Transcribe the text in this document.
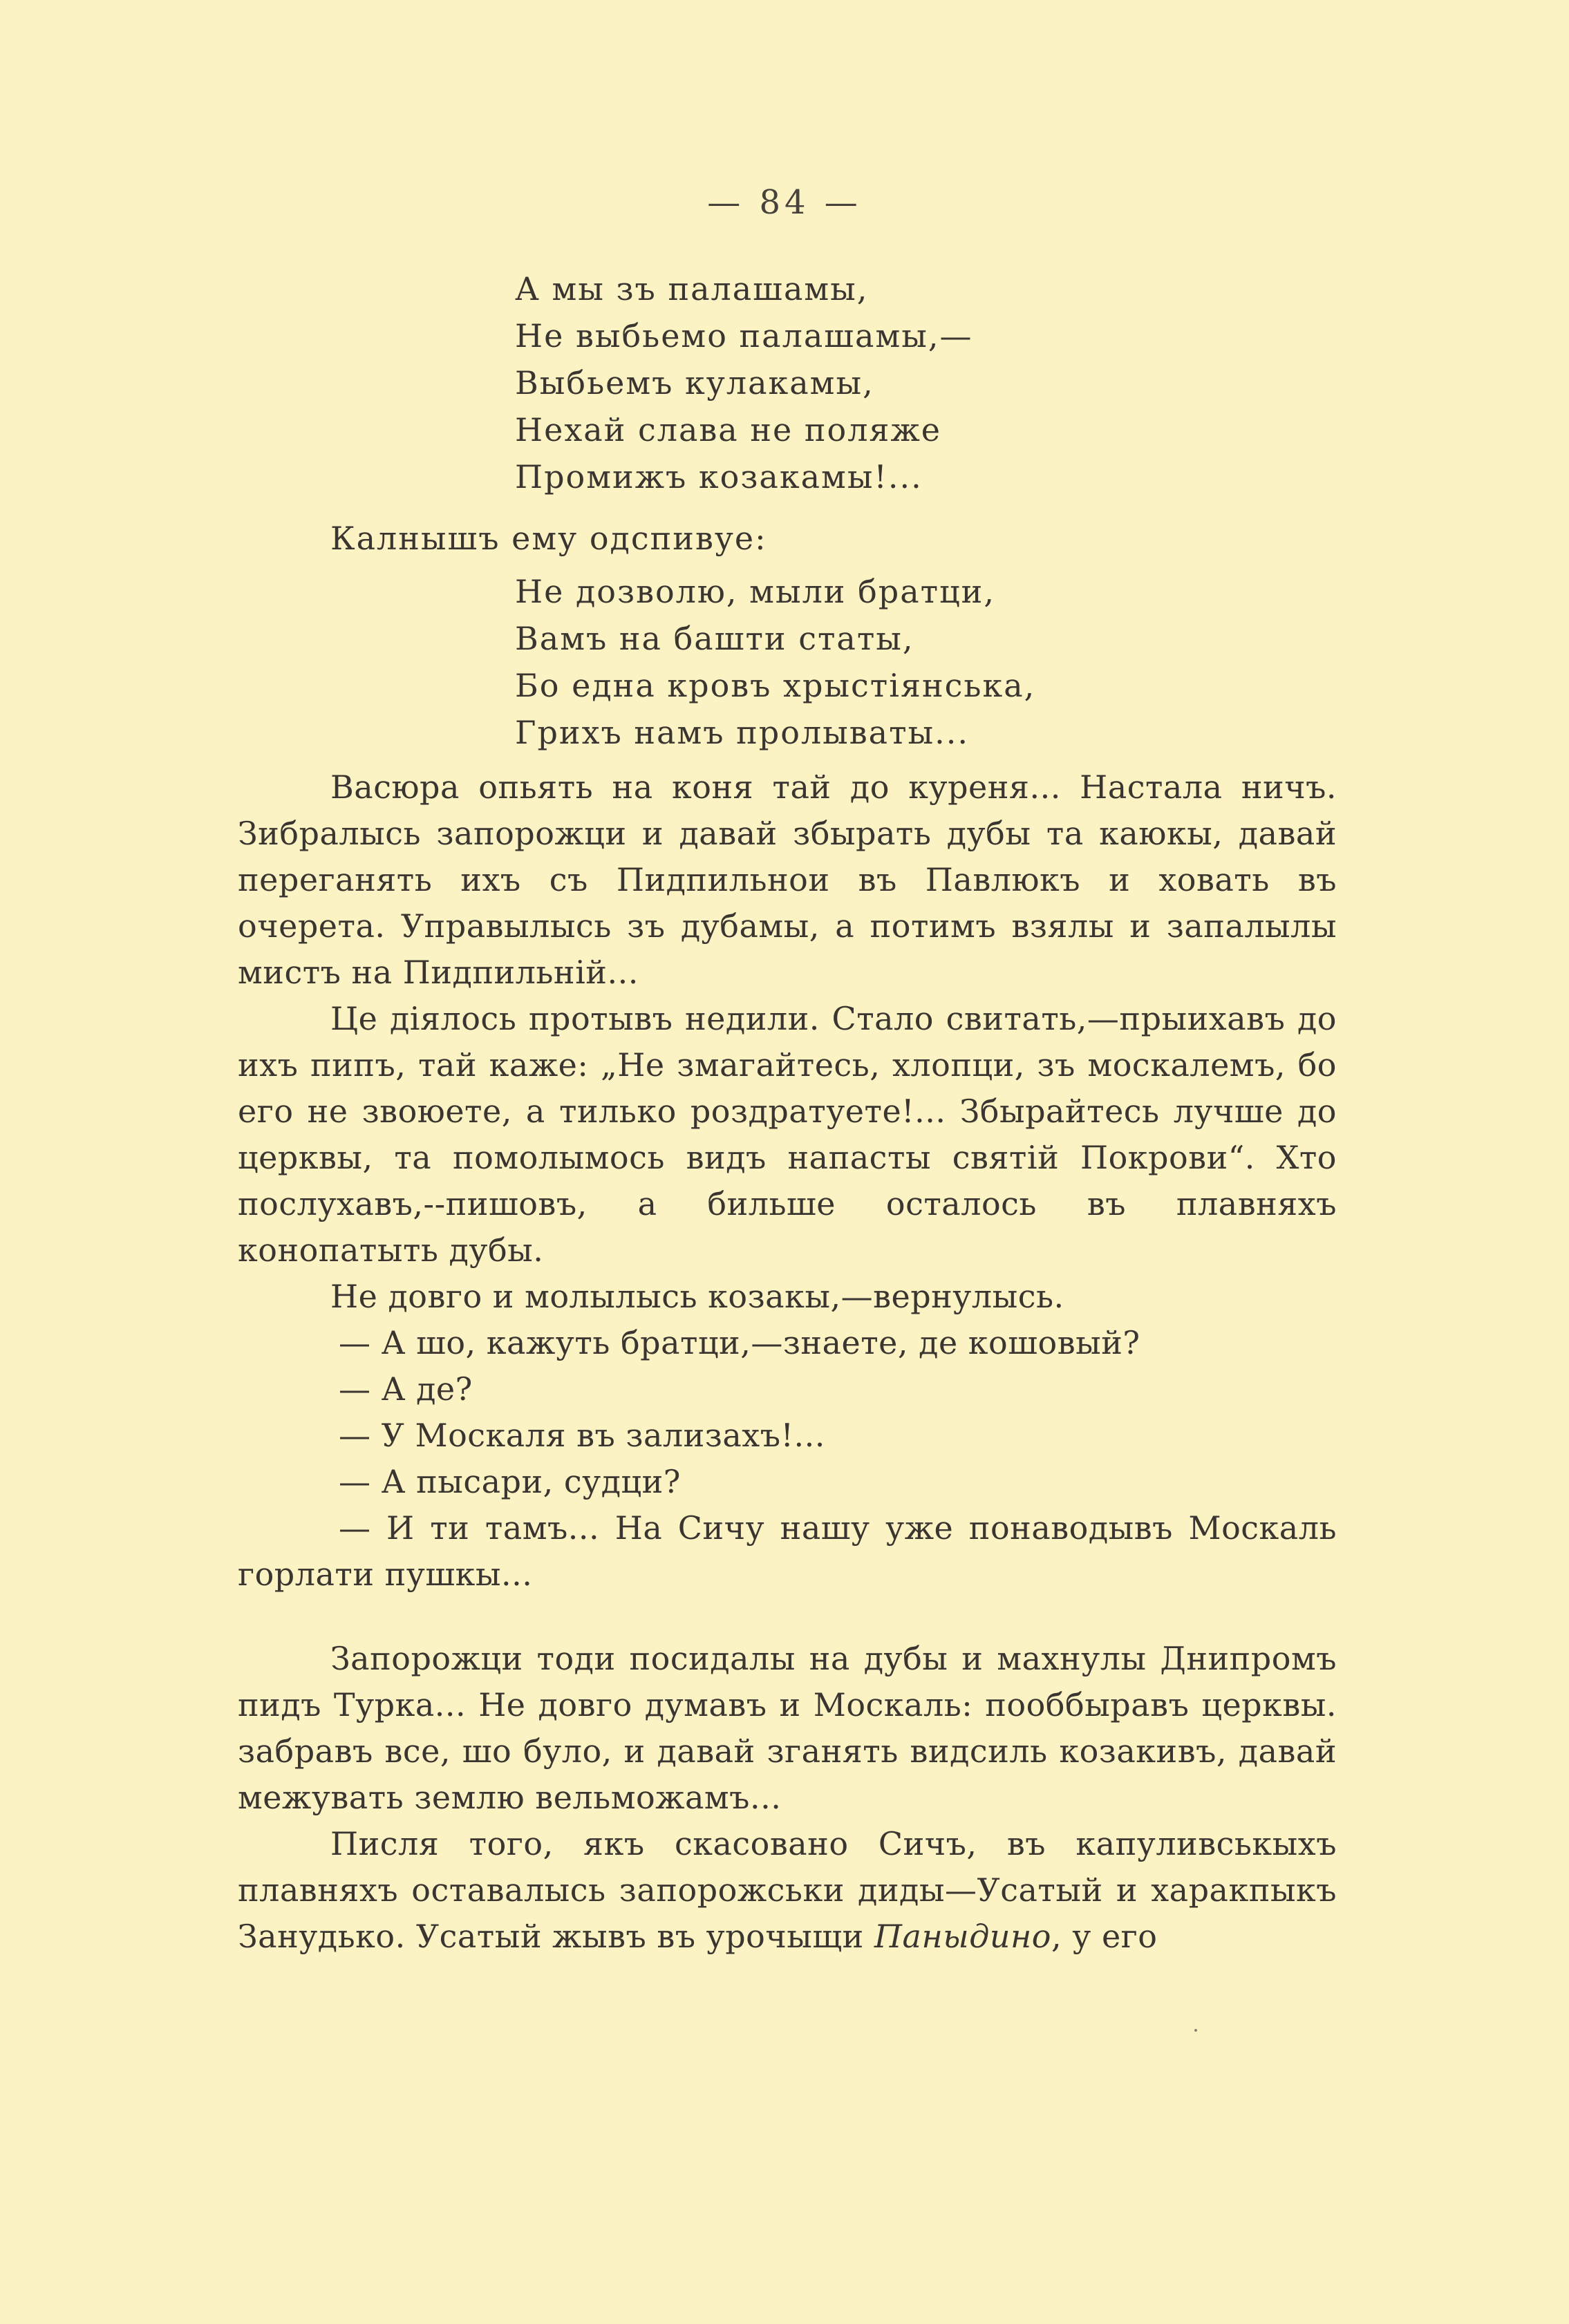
— 84 —
А мы зъ палашамы,
Не выбьемо палашамы,—
Выбьемъ кулакамы,
Нехай слава не поляже
Промижъ козакамы!...
Калнышъ ему одспивуе:
Не дозволю, мыли братци,
Вамъ на башти статы,
Бо една кровъ хрыстіянська,
Грихъ намъ пролываты...

Васюра опьять на коня тай до куреня... Настала ничъ. Зибралысь запорожци и давай збырать дубы та каюкы, давай переганять ихъ съ Пидпильнои въ Павлюкъ и ховать въ очерета. Управылысь зъ дубамы, а потимъ взялы и запалылы мистъ на Пидпильній...

Це діялось протывъ недили. Стало свитать,—прыихавъ до ихъ пипъ, тай каже: „Не змагайтесь, хлопци, зъ москалемъ, бо его не звоюете, а тилько роздратуете!... Збырайтесь лучше до церквы, та помолымось видъ напасты святій Покрови“. Хто послухавъ,--пишовъ, а бильше осталось въ плавняхъ конопатыть дубы.

Не довго и молылысь козакы,—вернулысь.

— А шо, кажуть братци,—знаете, де кошовый?

— А де?

— У Москаля въ зализахъ!...

— А пысари, судци?

— И ти тамъ... На Сичу нашу уже понаводывъ Москаль горлати пушкы...

Запорожци тоди посидалы на дубы и махнулы Днипромъ пидъ Турка... Не довго думавъ и Москаль: пооббыравъ церквы. забравъ все, шо було, и давай зганять видсиль козакивъ, давай межувать землю вельможамъ...

Писля того, якъ скасовано Сичъ, въ капуливськыхъ плавняхъ оставалысь запорожськи диды—Усатый и харакпыкъ Занудько. Усатый жывъ въ урочыщи Паныдино, у его
